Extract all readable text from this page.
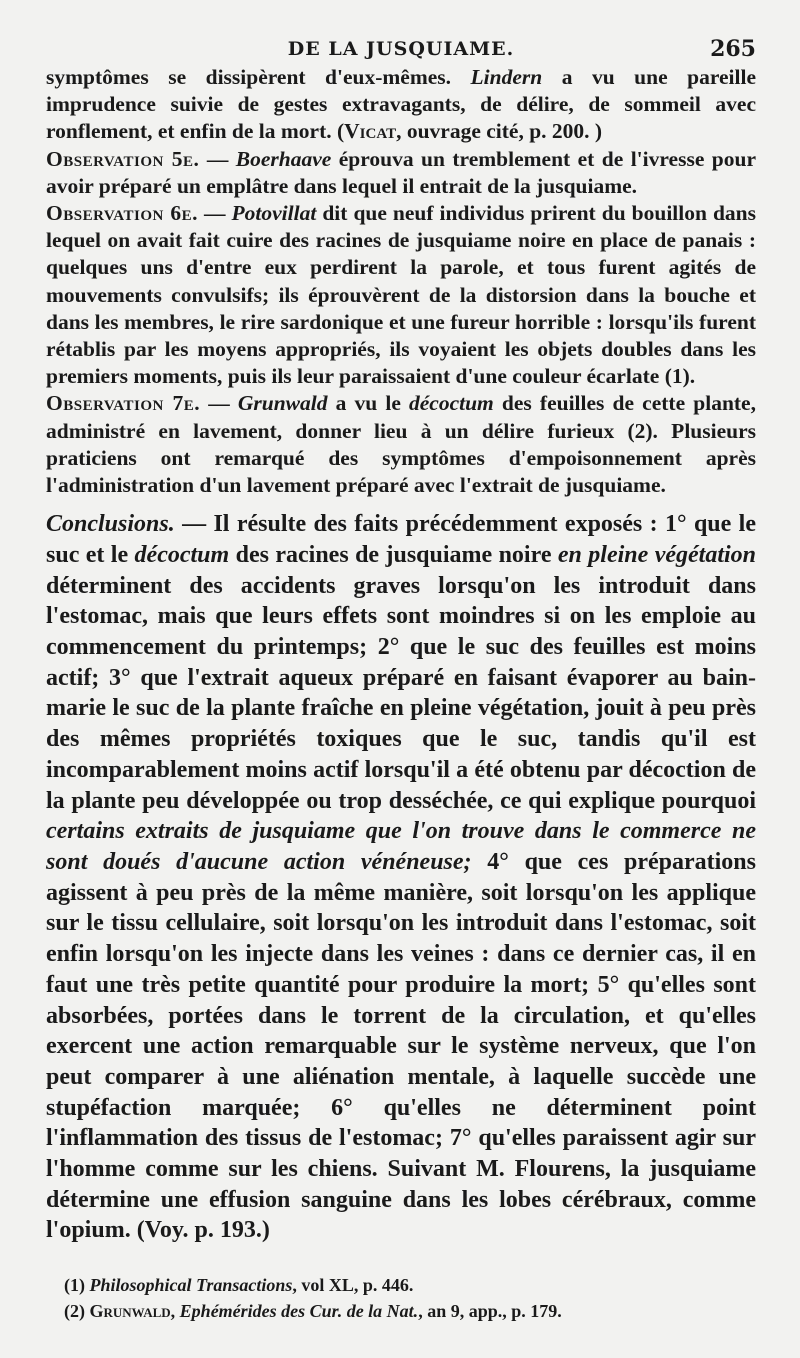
DE LA JUSQUIAME.	265

symptômes se dissipèrent d'eux-mêmes. Lindern a vu une pareille imprudence suivie de gestes extravagants, de délire, de sommeil avec ronflement, et enfin de la mort. (Vicat, ouvrage cité, p. 200. )

Observation 5e. — Boerhaave éprouva un tremblement et de l'ivresse pour avoir préparé un emplâtre dans lequel il entrait de la jusquiame.

Observation 6e. — Potovillat dit que neuf individus prirent du bouillon dans lequel on avait fait cuire des racines de jusquiame noire en place de panais : quelques uns d'entre eux perdirent la parole, et tous furent agités de mouvements convulsifs; ils éprouvèrent de la distorsion dans la bouche et dans les membres, le rire sardonique et une fureur horrible : lorsqu'ils furent rétablis par les moyens appropriés, ils voyaient les objets doubles dans les premiers moments, puis ils leur paraissaient d'une couleur écarlate (1).

Observation 7e. — Grunwald a vu le décoctum des feuilles de cette plante, administré en lavement, donner lieu à un délire furieux (2). Plusieurs praticiens ont remarqué des symptômes d'empoisonnement après l'administration d'un lavement préparé avec l'extrait de jusquiame.

Conclusions. — Il résulte des faits précédemment exposés : 1° que le suc et le décoctum des racines de jusquiame noire en pleine végétation déterminent des accidents graves lorsqu'on les introduit dans l'estomac, mais que leurs effets sont moindres si on les emploie au commencement du printemps; 2° que le suc des feuilles est moins actif; 3° que l'extrait aqueux préparé en faisant évaporer au bain-marie le suc de la plante fraîche en pleine végétation, jouit à peu près des mêmes propriétés toxiques que le suc, tandis qu'il est incomparablement moins actif lorsqu'il a été obtenu par décoction de la plante peu développée ou trop desséchée, ce qui explique pourquoi certains extraits de jusquiame que l'on trouve dans le commerce ne sont doués d'aucune action vénéneuse; 4° que ces préparations agissent à peu près de la même manière, soit lorsqu'on les applique sur le tissu cellulaire, soit lorsqu'on les introduit dans l'estomac, soit enfin lorsqu'on les injecte dans les veines : dans ce dernier cas, il en faut une très petite quantité pour produire la mort; 5° qu'elles sont absorbées, portées dans le torrent de la circulation, et qu'elles exercent une action remarquable sur le système nerveux, que l'on peut comparer à une aliénation mentale, à laquelle succède une stupéfaction marquée; 6° qu'elles ne déterminent point l'inflammation des tissus de l'estomac; 7° qu'elles paraissent agir sur l'homme comme sur les chiens. Suivant M. Flourens, la jusquiame détermine une effusion sanguine dans les lobes cérébraux, comme l'opium. (Voy. p. 193.)

(1) Philosophical Transactions, vol XL, p. 446.

(2) Grunwald, Ephémérides des Cur. de la Nat., an 9, app., p. 179.
